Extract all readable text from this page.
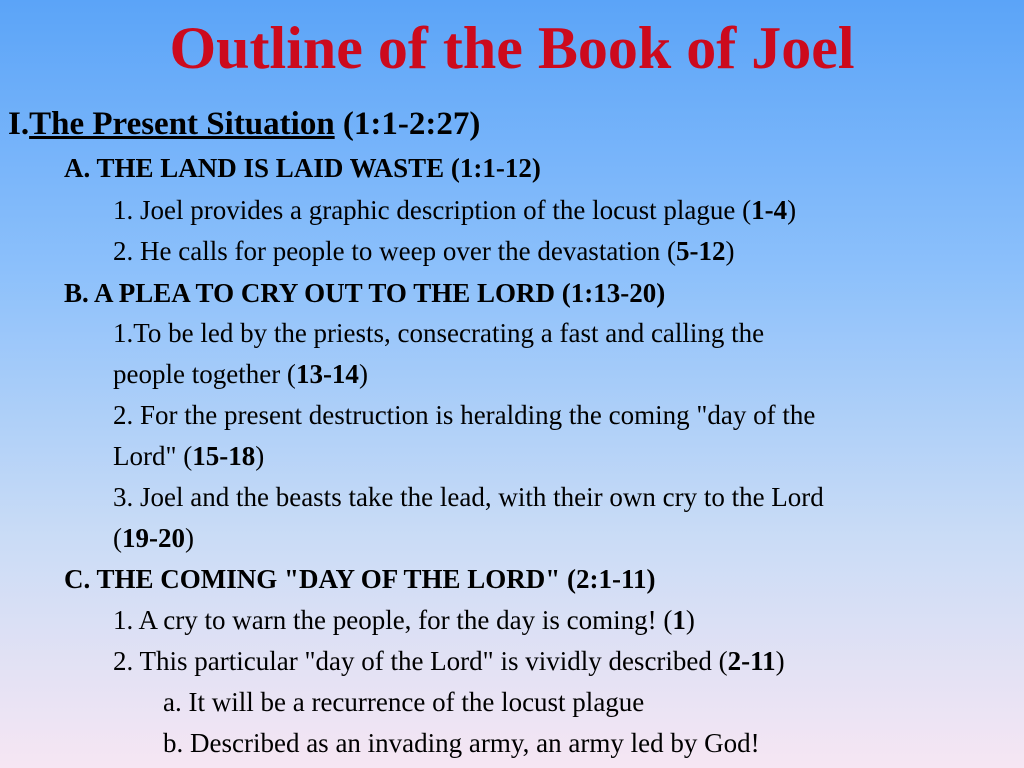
Outline of the Book of Joel
I.The Present Situation (1:1-2:27)
A. THE LAND IS LAID WASTE (1:1-12)
1. Joel provides a graphic description of the locust plague (1-4)
2. He calls for people to weep over the devastation (5-12)
B. A PLEA TO CRY OUT TO THE LORD (1:13-20)
1.To be led by the priests, consecrating a fast and calling the
people together (13-14)
2. For the present destruction is heralding the coming "day of the
Lord" (15-18)
3. Joel and the beasts take the lead, with their own cry to the Lord
(19-20)
C. THE COMING "DAY OF THE LORD" (2:1-11)
1. A cry to warn the people, for the day is coming! (1)
2. This particular "day of the Lord" is vividly described (2-11)
a. It will be a recurrence of the locust plague
b. Described as an invading army, an army led by God!
